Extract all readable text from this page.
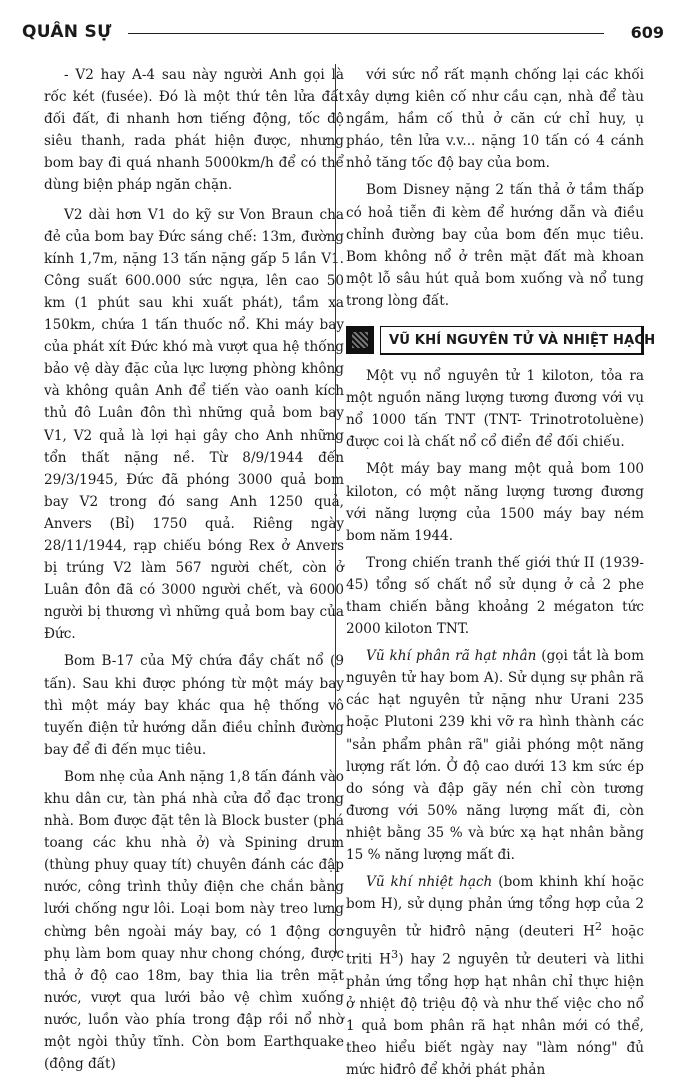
QUÂN SỰ	609

- V2 hay A-4 sau này người Anh gọi là rốc két (fusée). Đó là một thứ tên lửa đất đối đất, đi nhanh hơn tiếng động, tốc độ siêu thanh, rada phát hiện được, nhưng bom bay đi quá nhanh 5000km/h để có thể dùng biện pháp ngăn chặn.

V2 dài hơn V1 do kỹ sư Von Braun cha đẻ của bom bay Đức sáng chế: 13m, đường kính 1,7m, nặng 13 tấn nặng gấp 5 lần V1. Công suất 600.000 sức ngựa, lên cao 50 km (1 phút sau khi xuất phát), tầm xa 150km, chứa 1 tấn thuốc nổ. Khi máy bay của phát xít Đức khó mà vượt qua hệ thống bảo vệ dày đặc của lực lượng phòng không và không quân Anh để tiến vào oanh kích thủ đô Luân đôn thì những quả bom bay V1, V2 quả là lợi hại gây cho Anh những tổn thất nặng nề. Từ 8/9/1944 đến 29/3/1945, Đức đã phóng 3000 quả bom bay V2 trong đó sang Anh 1250 quả, Anvers (Bỉ) 1750 quả. Riêng ngày 28/11/1944, rạp chiếu bóng Rex ở Anvers bị trúng V2 làm 567 người chết, còn ở Luân đôn đã có 3000 người chết, và 6000 người bị thương vì những quả bom bay của Đức.

Bom B-17 của Mỹ chứa đầy chất nổ (9 tấn). Sau khi được phóng từ một máy bay thì một máy bay khác qua hệ thống vô tuyến điện tử hướng dẫn điều chỉnh đường bay để đi đến mục tiêu.

Bom nhẹ của Anh nặng 1,8 tấn đánh vào khu dân cư, tàn phá nhà cửa đổ đạc trong nhà. Bom được đặt tên là Block buster (phá toang các khu nhà ở) và Spining drum (thùng phuy quay tít) chuyên đánh các đập nước, công trình thủy điện che chắn bằng lưới chống ngư lôi. Loại bom này treo lưng chừng bên ngoài máy bay, có 1 động cơ phụ làm bom quay như chong chóng, được thả ở độ cao 18m, bay thia lia trên mặt nước, vượt qua lưới bảo vệ chìm xuống nước, luồn vào phía trong đập rồi nổ nhờ một ngòi thủy tĩnh. Còn bom Earthquake (động đất)

với sức nổ rất mạnh chống lại các khối xây dựng kiên cố như cầu cạn, nhà để tàu ngầm, hầm cố thủ ở căn cứ chỉ huy, ụ pháo, tên lửa v.v... nặng 10 tấn có 4 cánh nhỏ tăng tốc độ bay của bom.

Bom Disney nặng 2 tấn thả ở tầm thấp có hoả tiễn đi kèm để hướng dẫn và điều chỉnh đường bay của bom đến mục tiêu. Bom không nổ ở trên mặt đất mà khoan một lỗ sâu hút quả bom xuống và nổ tung trong lòng đất.

VŨ KHÍ NGUYÊN TỬ VÀ NHIỆT HẠCH

Một vụ nổ nguyên tử 1 kiloton, tỏa ra một nguồn năng lượng tương đương với vụ nổ 1000 tấn TNT (TNT- Trinotrotoluène) được coi là chất nổ cổ điển để đối chiếu.

Một máy bay mang một quả bom 100 kiloton, có một năng lượng tương đương với năng lượng của 1500 máy bay ném bom năm 1944.

Trong chiến tranh thế giới thứ II (1939-45) tổng số chất nổ sử dụng ở cả 2 phe tham chiến bằng khoảng 2 mégaton tức 2000 kiloton TNT.

Vũ khí phân rã hạt nhân (gọi tắt là bom nguyên tử hay bom A). Sử dụng sự phân rã các hạt nguyên tử nặng như Urani 235 hoặc Plutoni 239 khi vỡ ra hình thành các "sản phẩm phân rã" giải phóng một năng lượng rất lớn. Ở độ cao dưới 13 km sức ép do sóng và đập gãy nén chỉ còn tương đương với 50% năng lượng mất đi, còn nhiệt bằng 35 % và bức xạ hạt nhân bằng 15 % năng lượng mất đi.

Vũ khí nhiệt hạch (bom khinh khí hoặc bom H), sử dụng phản ứng tổng hợp của 2 nguyên tử hiđrô nặng (deuteri $H^2$ hoặc triti $H^3$) hay 2 nguyên tử deuteri và lithi phản ứng tổng hợp hạt nhân chỉ thực hiện ở nhiệt độ triệu độ và như thế việc cho nổ 1 quả bom phân rã hạt nhân mới có thể, theo hiểu biết ngày nay "làm nóng" đủ mức hiđrô để khởi phát phản
